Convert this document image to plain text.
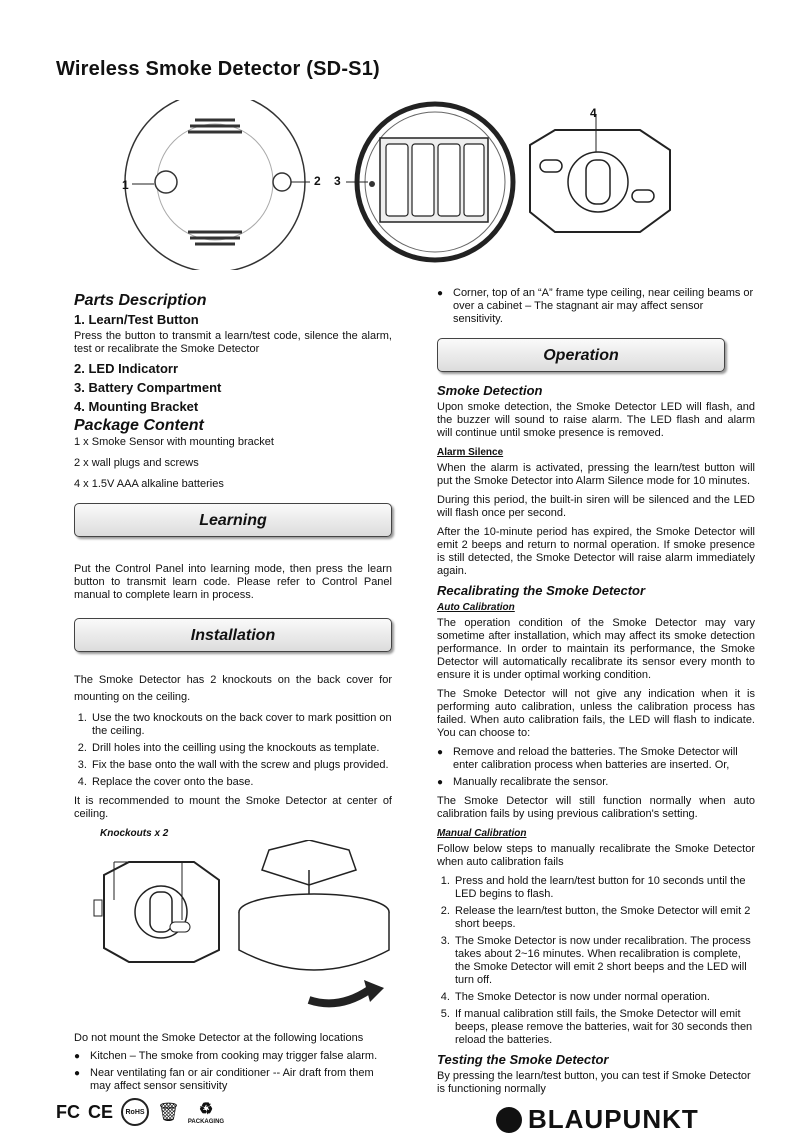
Wireless Smoke Detector (SD-S1)
1	2 3
4
Parts Description
1. Learn/Test Button

Press the button to transmit a learn/test code, silence the alarm, test or recalibrate the Smoke Detector

2. LED Indicatorr
3. Battery Compartment
4. Mounting Bracket
Package Content
1 x Smoke Sensor with mounting bracket
2 x wall plugs and screws
4 x 1.5V AAA alkaline batteries
Learning

Put the Control Panel into learning mode, then press the learn button to transmit learn code. Please refer to Control Panel manual to complete learn in process.

Installation

The Smoke Detector has 2 knockouts on the back cover for mounting on the ceiling.

1. Use the two knockouts on the back cover to mark posittion on the ceiling.
2. Drill holes into the ceilling using the knockouts as template.
3. Fix the base onto the wall with the screw and plugs provided.
4. Replace the cover onto the base.

It is recommended to mount the Smoke Detector at center of ceiling.

Knockouts x 2
Do not mount the Smoke Detector at the following locations
● Kitchen – The smoke from cooking may trigger false alarm.
● Near ventilating fan or air conditioner -- Air draft from them may affect sensor sensitivity
● Corner, top of an “A” frame type ceiling, near ceiling beams or over a cabinet – The stagnant air may affect sensor sensitivity.
Operation
Smoke Detection

Upon smoke detection, the Smoke Detector LED will flash, and the buzzer will sound to raise alarm. The LED flash and alarm will continue until smoke presence is removed.

Alarm Silence

When the alarm is activated, pressing the learn/test button will put the Smoke Detector into Alarm Silence mode for 10 minutes.

During this period, the built-in siren will be silenced and the LED will flash once per second.

After the 10-minute period has expired, the Smoke Detector will emit 2 beeps and return to normal operation. If smoke presence is still detected, the Smoke Detector will raise alarm immediately again.

Recalibrating the Smoke Detector
Auto Calibration

The operation condition of the Smoke Detector may vary sometime after installation, which may affect its smoke detection performance. In order to maintain its performance, the Smoke Detector will automatically recalibrate its sensor every month to ensure it is under optimal working condition.

The Smoke Detector will not give any indication when it is performing auto calibration, unless the calibration process has failed. When auto calibration fails, the LED will flash to indicate. You can choose to:

● Remove and reload the batteries. The Smoke Detector will enter calibration process when batteries are inserted. Or,
● Manually recalibrate the sensor.

The Smoke Detector will still function normally when auto calibration fails by using previous calibration's setting.

Manual Calibration

Follow below steps to manually recalibrate the Smoke Detector when auto calibration fails

1. Press and hold the learn/test button for 10 seconds until the LED begins to flash.
2. Release the learn/test button, the Smoke Detector will emit 2 short beeps.
3. The Smoke Detector is now under recalibration. The process takes about 2~16 minutes. When recalibration is complete, the Smoke Detector will emit 2 short beeps and the LED will turn off.
4. The Smoke Detector is now under normal operation.
5. If manual calibration still fails, the Smoke Detector will emit beeps, please remove the batteries, wait for 30 seconds then reload the batteries.
Testing the Smoke Detector

By pressing the learn/test button, you can test if Smoke Detector is functioning normally

FC CE RoHS 🗑 ♻
PACKAGING	BLAUPUNKT
